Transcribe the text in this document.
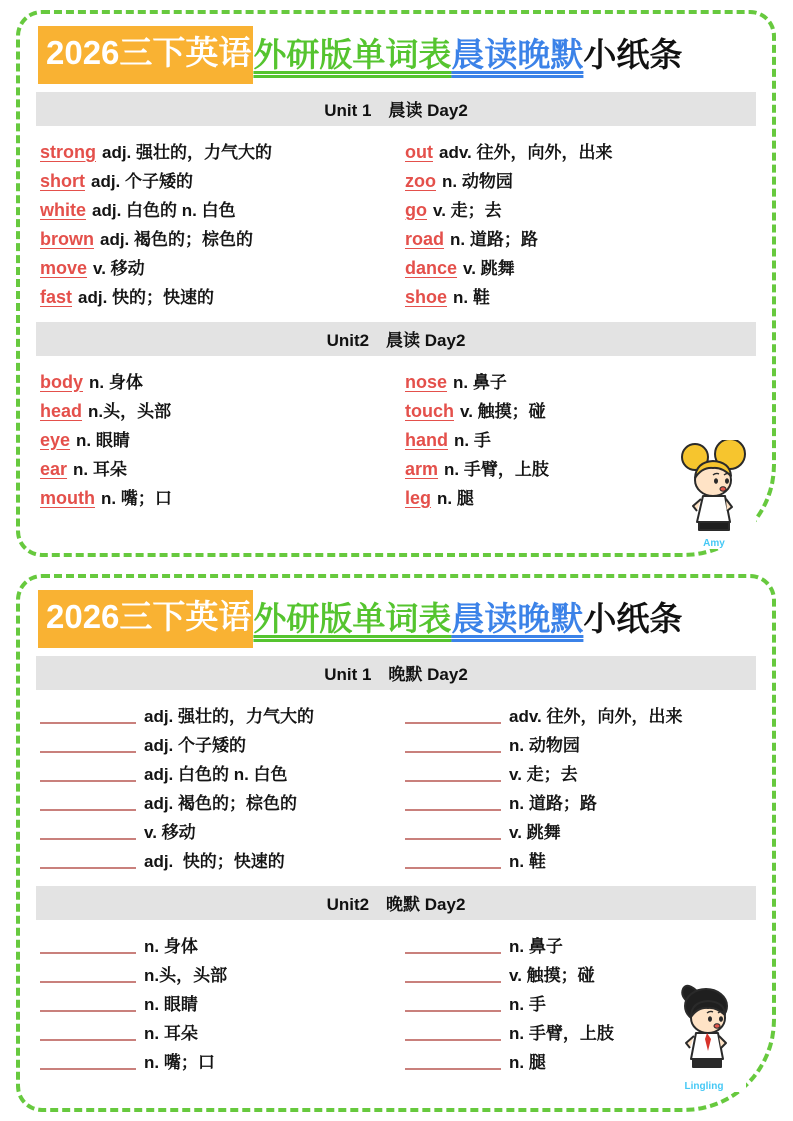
2026三下英语 外研版单词表 晨读晚默 小纸条
Unit 1　晨读 Day2
strong adj. 强壮的，力气大的
short adj. 个子矮的
white adj. 白色的 n. 白色
brown adj. 褐色的；棕色的
move v. 移动
fast adj. 快的；快速的
out adv. 往外，向外，出来
zoo n. 动物园
go v. 走；去
road n. 道路；路
dance v. 跳舞
shoe n. 鞋
Unit2　晨读 Day2
body n. 身体
head n.头，头部
eye n. 眼睛
ear n. 耳朵
mouth n. 嘴；口
nose n. 鼻子
touch v. 触摸；碰
hand n. 手
arm n. 手臂，上肢
leg n. 腿
Amy
2026三下英语 外研版单词表 晨读晚默 小纸条
Unit 1　晚默 Day2
adj. 强壮的，力气大的
adj. 个子矮的
adj. 白色的 n. 白色
adj. 褐色的；棕色的
v. 移动
adj.  快的；快速的
adv. 往外，向外，出来
n. 动物园
v. 走；去
n. 道路；路
v. 跳舞
n. 鞋
Unit2　晚默 Day2
n. 身体
n.头，头部
n. 眼睛
n. 耳朵
n. 嘴；口
n. 鼻子
v. 触摸；碰
n. 手
n. 手臂，上肢
n. 腿
Lingling
